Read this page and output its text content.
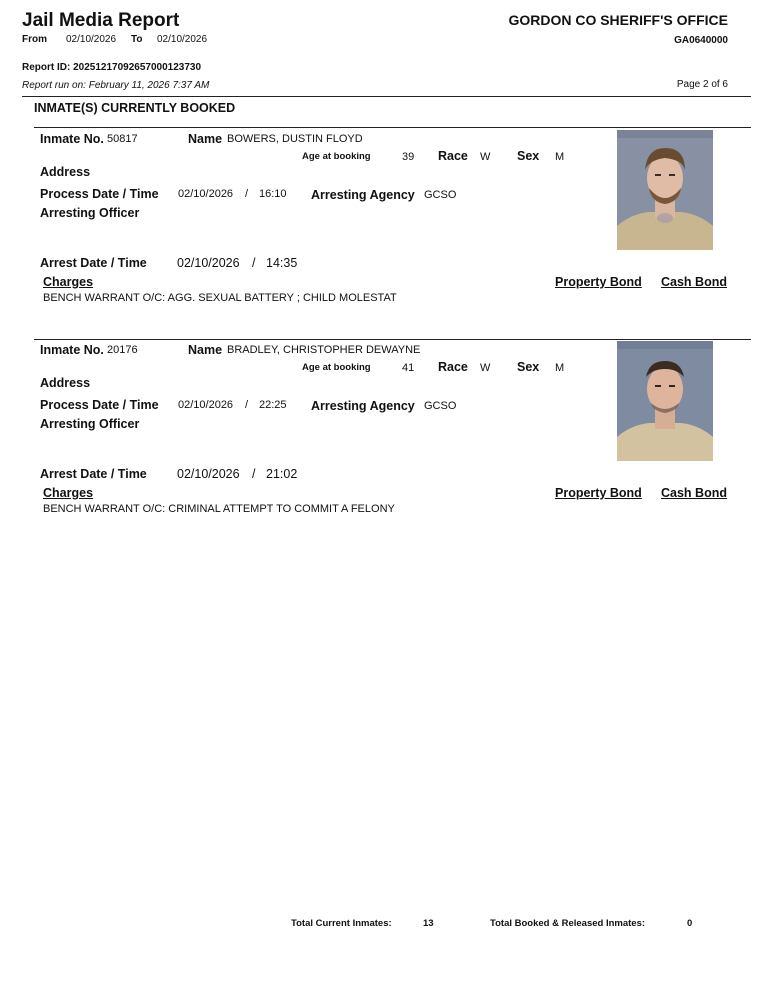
Jail Media Report
From 02/10/2026 To 02/10/2026
GORDON CO SHERIFF'S OFFICE
GA0640000
Report ID: 20251217092657000123730
Report run on: February 11, 2026 7:37 AM	Page 2 of 6
INMATE(S) CURRENTLY BOOKED
Inmate No. 50817	Name BOWERS, DUSTIN FLOYD
Age at booking	39 Race W Sex M
Address
Process Date / Time 02/10/2026 / 16:10 Arresting Agency GCSO
Arresting Officer
Arrest Date / Time 02/10/2026 / 14:35
Charges	Property Bond Cash Bond
BENCH WARRANT O/C: AGG. SEXUAL BATTERY ; CHILD MOLESTAT
Inmate No. 20176	Name BRADLEY, CHRISTOPHER DEWAYNE
Age at booking	41 Race W Sex M
Address
Process Date / Time 02/10/2026 / 22:25 Arresting Agency GCSO
Arresting Officer
Arrest Date / Time 02/10/2026 / 21:02
Charges	Property Bond Cash Bond
BENCH WARRANT O/C: CRIMINAL ATTEMPT TO COMMIT A FELONY
Total Current Inmates:	13	Total Booked & Released Inmates:	0
